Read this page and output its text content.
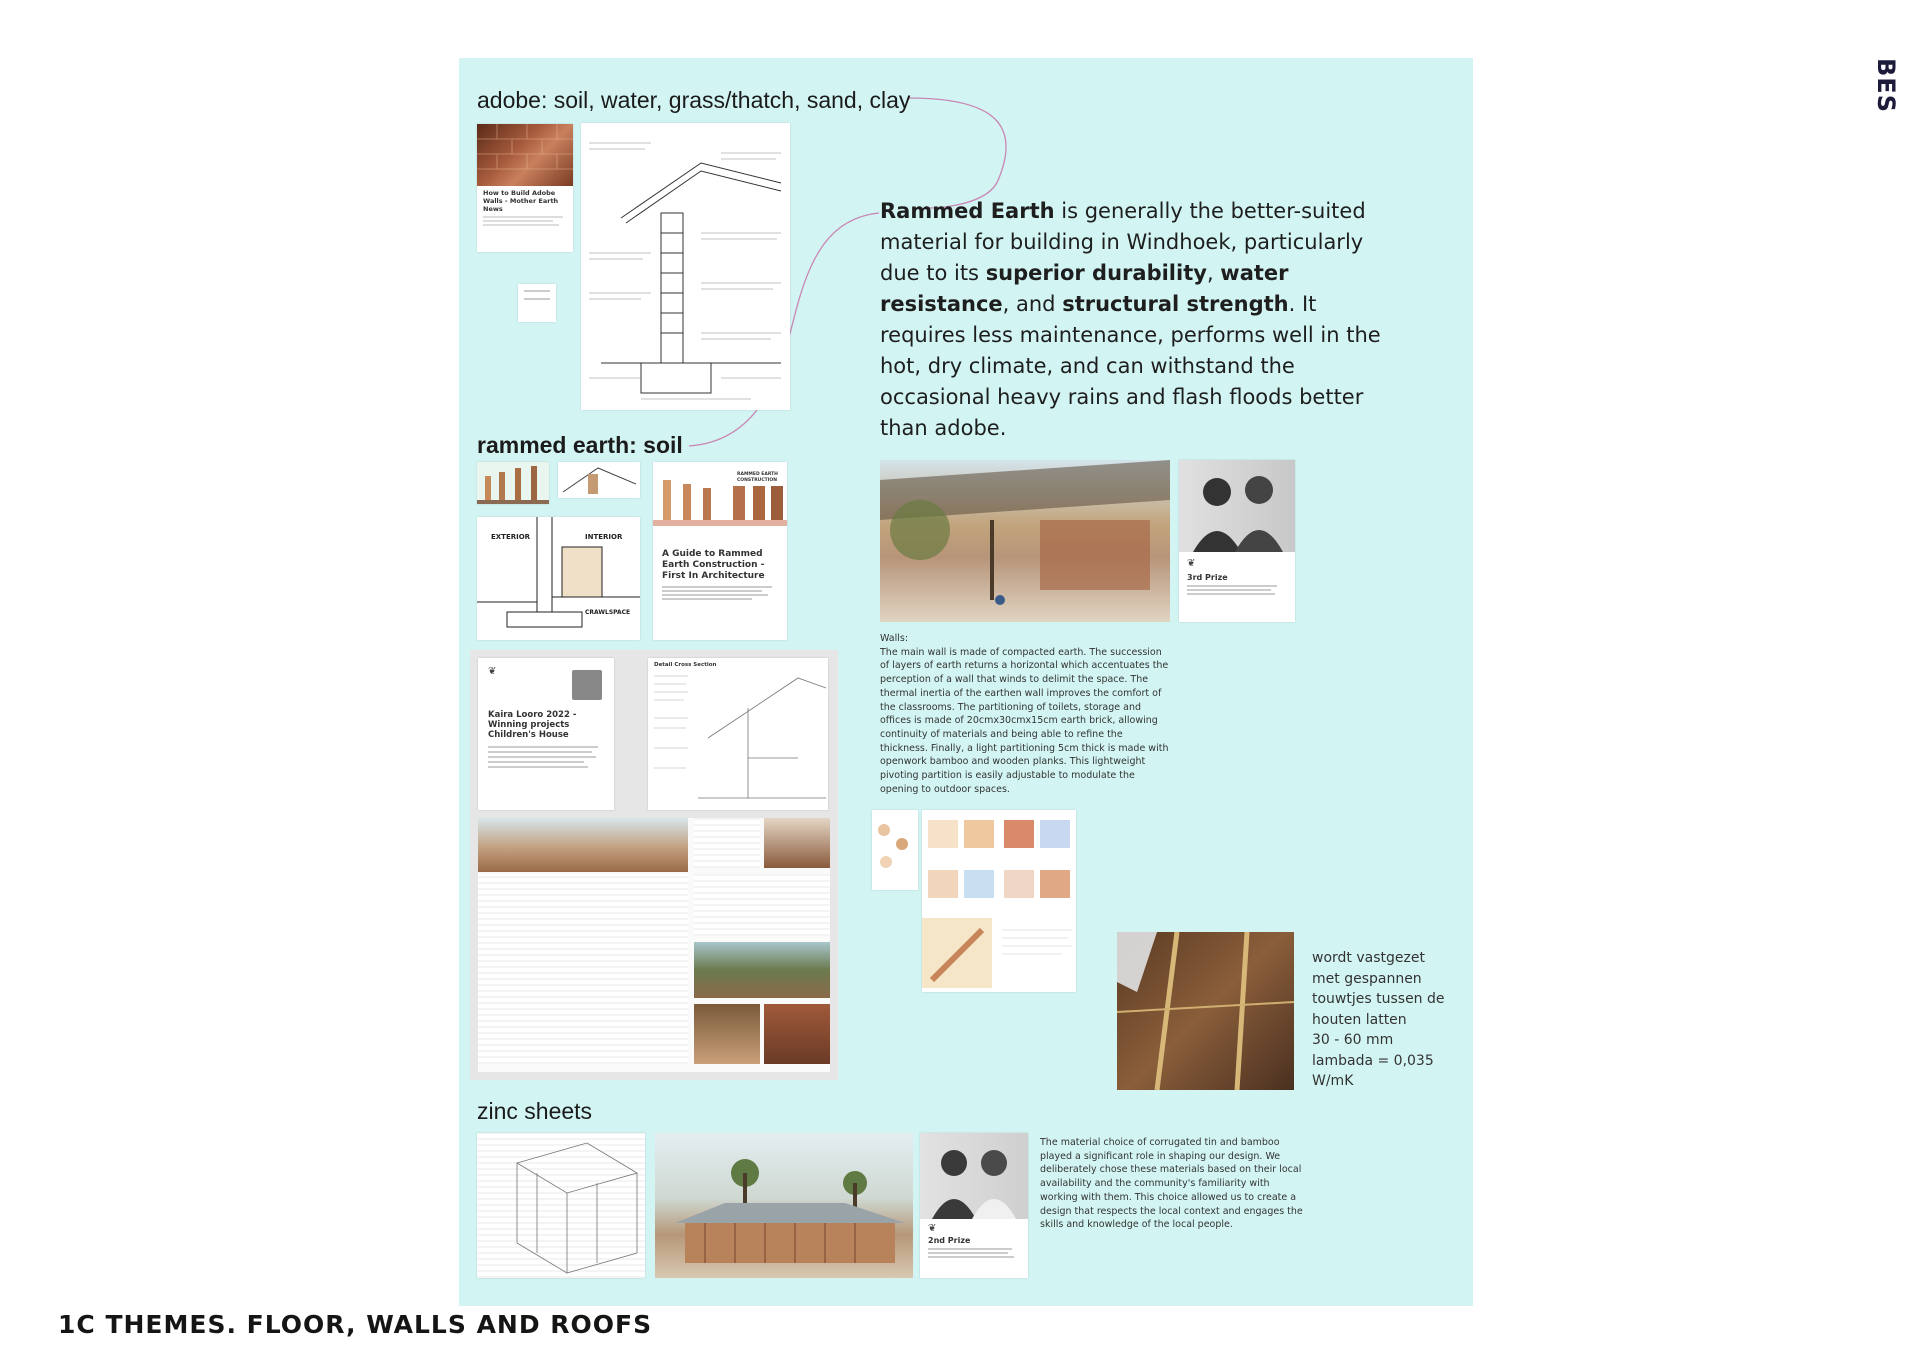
BES
1C THEMES. FLOOR, WALLS AND ROOFS
adobe: soil, water, grass/thatch, sand, clay
rammed earth: soil
zinc sheets
Rammed Earth is generally the better-suited material for building in Windhoek, particularly due to its superior durability, water resistance, and structural strength. It requires less maintenance, performs well in the hot, dry climate, and can withstand the occasional heavy rains and flash floods better than adobe.
How to Build Adobe Walls - Mother Earth News
RAMMED EARTH CONSTRUCTION
A Guide to Rammed Earth Construction - First In Architecture
EXTERIOR	INTERIOR
CRAWLSPACE
❦
Kaira Looro 2022 - Winning projects Children's House
Detail Cross Section
❦
3rd Prize
Walls:
The main wall is made of compacted earth. The succession of layers of earth returns a horizontal which accentuates the perception of a wall that winds to delimit the space. The thermal inertia of the earthen wall improves the comfort of the classrooms. The partitioning of toilets, storage and offices is made of 20cmx30cmx15cm earth brick, allowing continuity of materials and being able to refine the thickness. Finally, a light partitioning 5cm thick is made with openwork bamboo and wooden planks. This lightweight pivoting partition is easily adjustable to modulate the opening to outdoor spaces.
wordt vastgezet
met gespannen
touwtjes tussen de
houten latten
30 - 60 mm
lambada = 0,035
W/mK
❦
2nd Prize
The material choice of corrugated tin and bamboo played a significant role in shaping our design. We deliberately chose these materials based on their local availability and the community's familiarity with working with them. This choice allowed us to create a design that respects the local context and engages the skills and knowledge of the local people.
